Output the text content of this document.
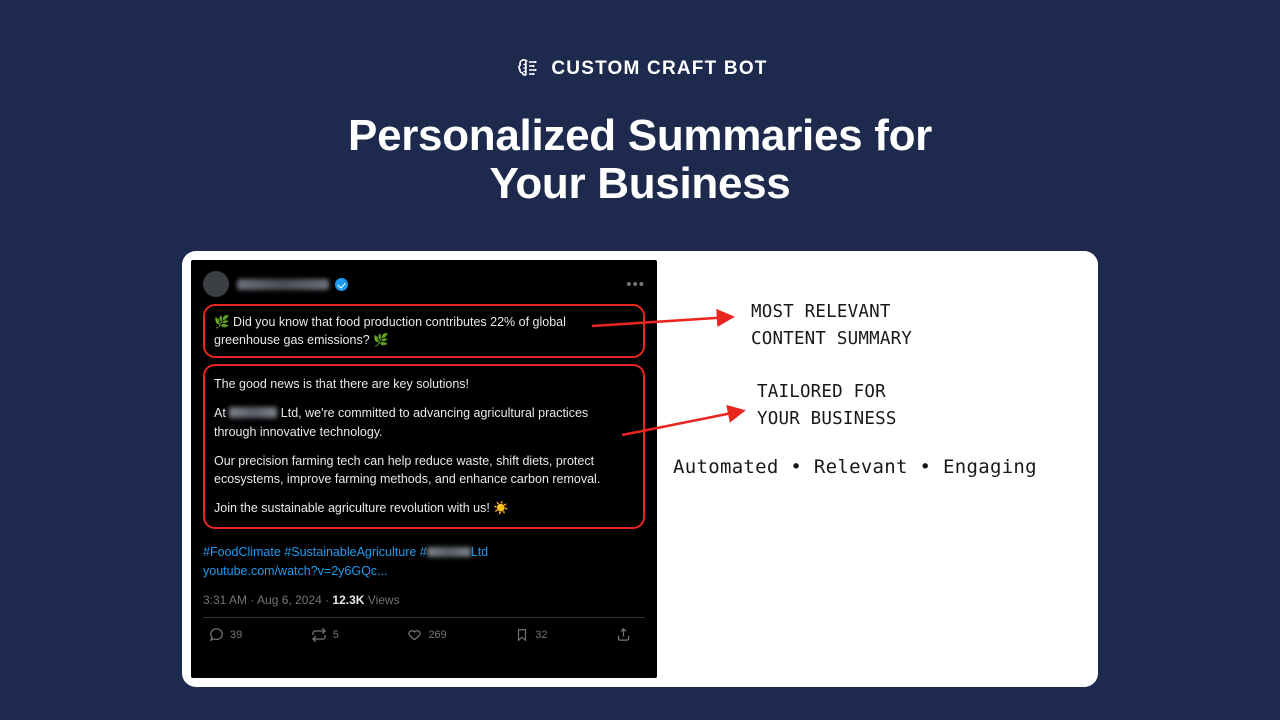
CUSTOM CRAFT BOT
Personalized Summaries for
Your Business
•••

🌿 Did you know that food production contributes 22% of global greenhouse gas emissions? 🌿

The good news is that there are key solutions!

At	Ltd, we're committed to advancing agricultural practices through innovative technology.

Our precision farming tech can help reduce waste, shift diets, protect ecosystems, improve farming methods, and enhance carbon removal.

Join the sustainable agriculture revolution with us! ☀️

#FoodClimate #SustainableAgriculture #	Ltd
youtube.com/watch?v=2y6GQc...
3:31 AM · Aug 6, 2024 · 12.3K Views
39	5	269	32
MOST RELEVANT
CONTENT SUMMARY
TAILORED FOR
YOUR BUSINESS
Automated • Relevant • Engaging
